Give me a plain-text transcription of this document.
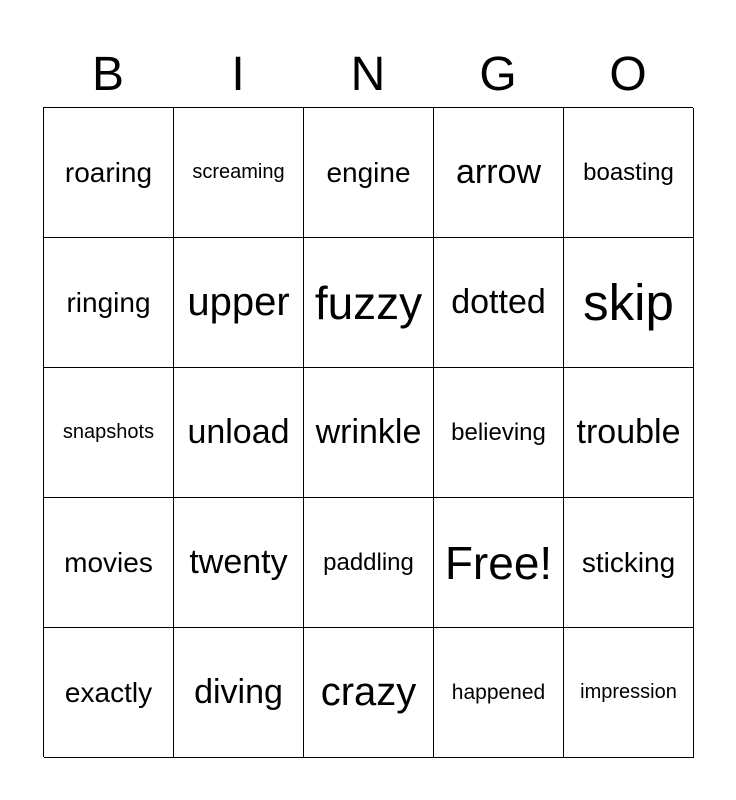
B	I	N	G	O
roaring	screaming	engine	arrow	boasting
ringing upper fuzzy dotted skip
snapshots unload wrinkle	believing trouble
movies	twenty	paddling Free!	sticking
exactly	diving crazy	happened	impression
